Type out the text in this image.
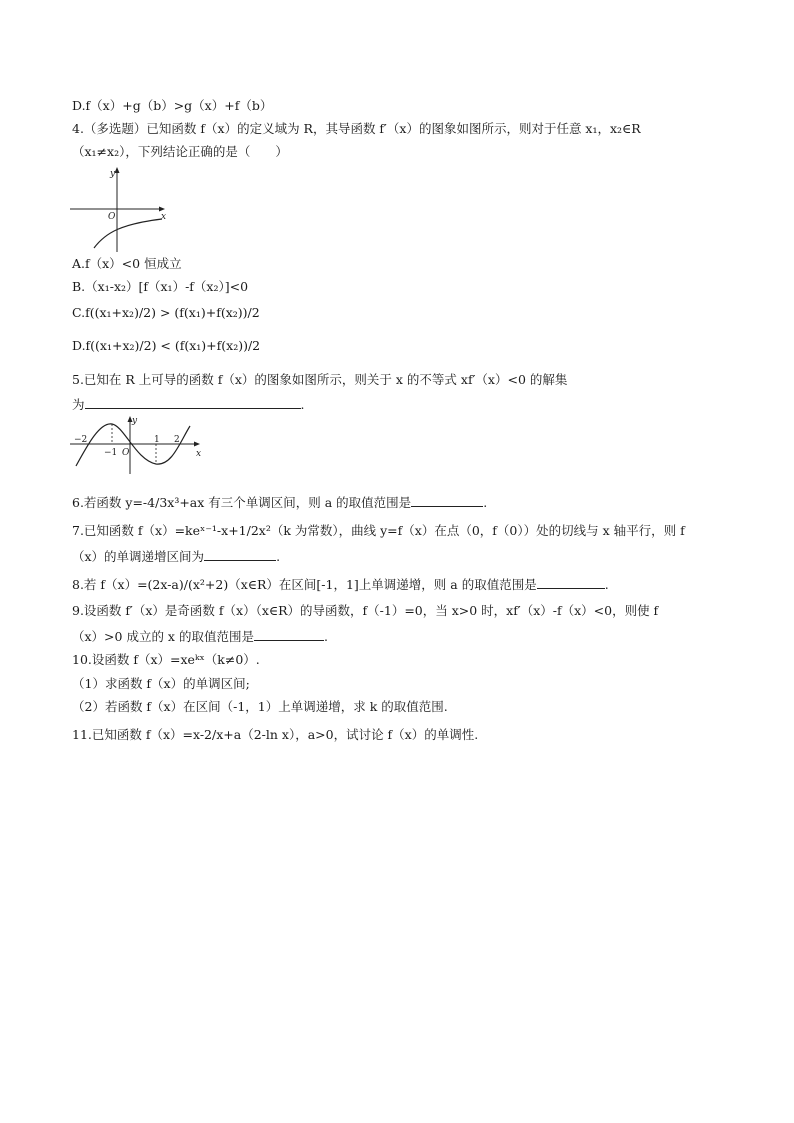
D.f（x）+g（b）>g（x）+f（b）
4.（多选题）已知函数 f（x）的定义域为 R，其导函数 f′（x）的图象如图所示，则对于任意 x₁，x₂∈R
（x₁≠x₂），下列结论正确的是（　　）
y
x
O
A.f（x）<0 恒成立
B.（x₁-x₂）[f（x₁）-f（x₂）]<0
C.f((x₁+x₂)/2) > (f(x₁)+f(x₂))/2
D.f((x₁+x₂)/2) < (f(x₁)+f(x₂))/2
5.已知在 R 上可导的函数 f（x）的图象如图所示，则关于 x 的不等式 xf′（x）<0 的解集
为	.
y
x
O
−2
−1
1 2
6.若函数 y=-4/3x³+ax 有三个单调区间，则 a 的取值范围是	.
7.已知函数 f（x）=keˣ⁻¹-x+1/2x²（k 为常数），曲线 y=f（x）在点（0，f（0））处的切线与 x 轴平行，则 f
（x）的单调递增区间为	.
8.若 f（x）=(2x-a)/(x²+2)（x∈R）在区间[-1，1]上单调递增，则 a 的取值范围是	.
9.设函数 f′（x）是奇函数 f（x）（x∈R）的导函数，f（-1）=0，当 x>0 时，xf′（x）-f（x）<0，则使 f
（x）>0 成立的 x 的取值范围是	.
10.设函数 f（x）=xeᵏˣ（k≠0）.
（1）求函数 f（x）的单调区间;
（2）若函数 f（x）在区间（-1，1）上单调递增，求 k 的取值范围.
11.已知函数 f（x）=x-2/x+a（2-ln x），a>0，试讨论 f（x）的单调性.
